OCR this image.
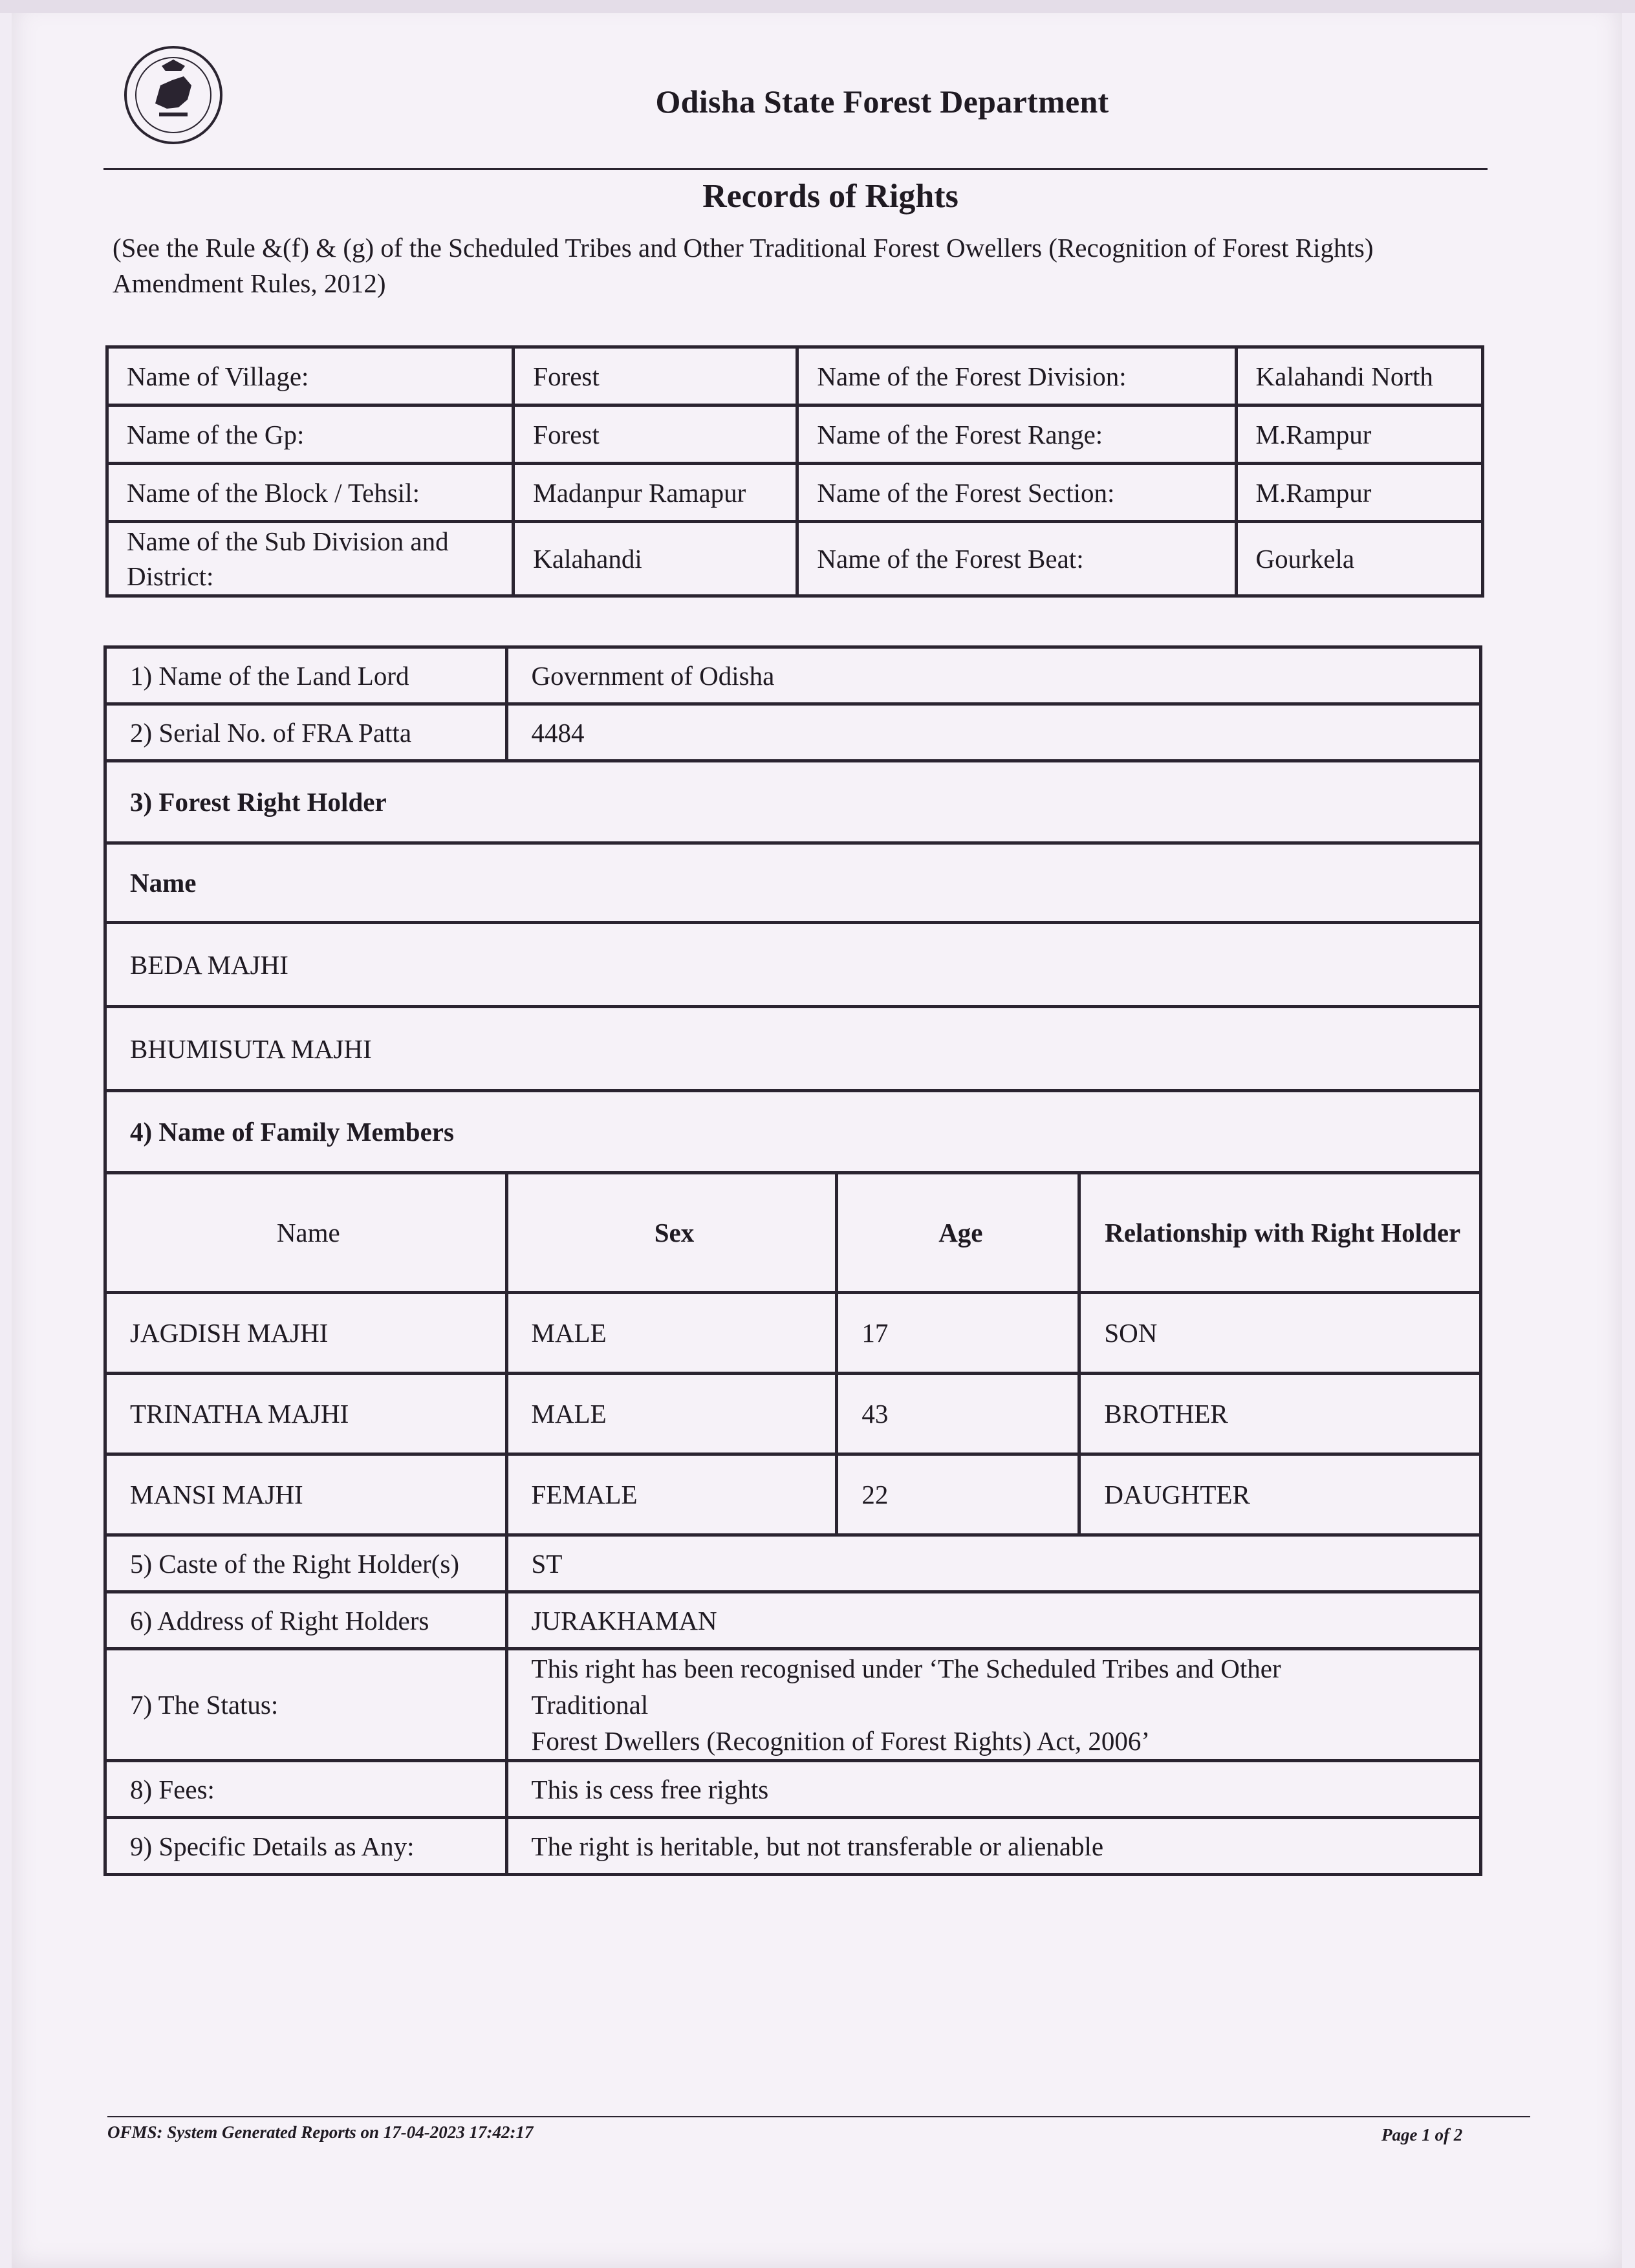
Odisha State Forest Department
Records of Rights
(See the Rule &(f) & (g) of the Scheduled Tribes and Other Traditional Forest Owellers (Recognition of Forest Rights) Amendment Rules, 2012)
Name of Village:	Forest	Name of the Forest Division:	Kalahandi North
Name of the Gp:	Forest	Name of the Forest Range:	M.Rampur
Name of the Block / Tehsil:	Madanpur Ramapur	Name of the Forest Section:	M.Rampur
Name of the Sub Division and District:	Kalahandi	Name of the Forest Beat:	Gourkela
1) Name of the Land Lord	Government of Odisha		
2) Serial No. of FRA Patta	4484		
3) Forest Right Holder			
Name			
BEDA MAJHI			
BHUMISUTA MAJHI			
4) Name of Family Members			
Name	Sex	Age	Relationship with Right Holder
JAGDISH MAJHI	MALE	17	SON
TRINATHA MAJHI	MALE	43	BROTHER
MANSI MAJHI	FEMALE	22	DAUGHTER
5) Caste of the Right Holder(s)	ST		
6) Address of Right Holders	JURAKHAMAN		
7) The Status:	This right has been recognised under ‘The Scheduled Tribes and Other
Traditional
Forest Dwellers (Recognition of Forest Rights) Act, 2006’		

8) Fees:	This is cess free rights		
9) Specific Details as Any:	The right is heritable, but not transferable or alienable		
OFMS: System Generated Reports on 17-04-2023 17:42:17	Page 1 of 2
